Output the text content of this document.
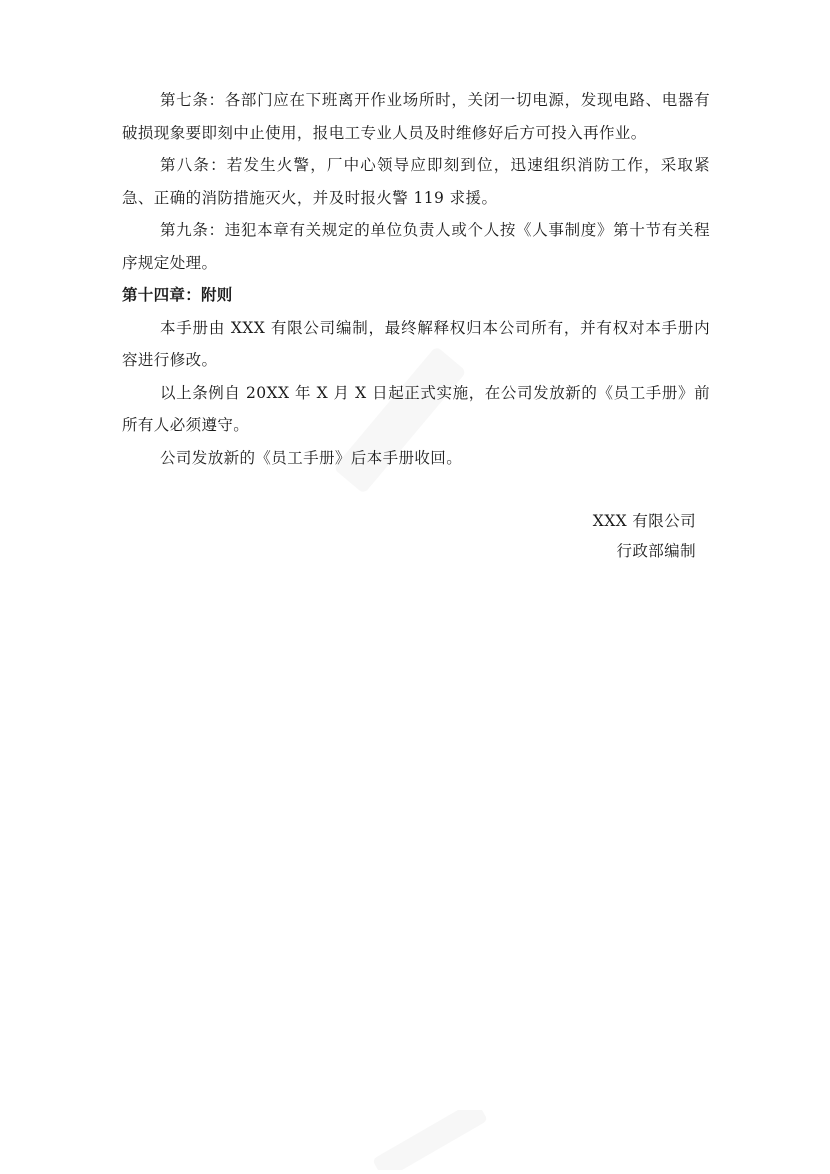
第七条：各部门应在下班离开作业场所时，关闭一切电源，发现电路、电器有破损现象要即刻中止使用，报电工专业人员及时维修好后方可投入再作业。

第八条：若发生火警，厂中心领导应即刻到位，迅速组织消防工作，采取紧急、正确的消防措施灭火，并及时报火警 119 求援。

第九条：违犯本章有关规定的单位负责人或个人按《人事制度》第十节有关程序规定处理。

第十四章：附则

本手册由 XXX 有限公司编制，最终解释权归本公司所有，并有权对本手册内容进行修改。

以上条例自 20XX 年 X 月 X 日起正式实施，在公司发放新的《员工手册》前所有人必须遵守。

公司发放新的《员工手册》后本手册收回。

XXX 有限公司

行政部编制
